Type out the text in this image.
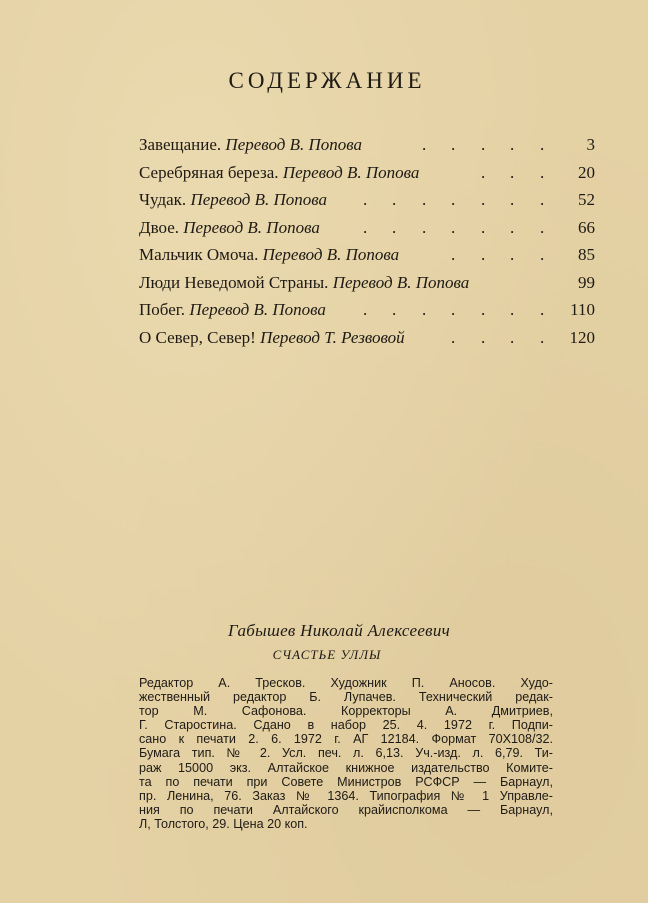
СОДЕРЖАНИЕ
Завещание. Перевод В. Попова	. . . . . 3
Серебряная береза. Перевод В. Попова	. . . 20
Чудак. Перевод В. Попова . . . . . . . 52
Двое. Перевод В. Попова	. . . . . . . 66
Мальчик Омоча. Перевод В. Попова	. . . . 85
Люди Неведомой Страны. Перевод В. Попова	99
Побег. Перевод В. Попова . . . . . . . 110
О Север, Север! Перевод Т. Резвовой	. . . . 120
Габышев Николай Алексеевич
СЧАСТЬЕ УЛЛЫ
Редактор А. Тресков. Художник П. Аносов. Худо-
жественный редактор Б. Лупачев. Технический редак-
тор М. Сафонова. Корректоры А. Дмитриев,
Г. Старостина. Сдано в набор 25. 4. 1972 г. Подпи-
сано к печати 2. 6. 1972 г. АГ 12184. Формат 70Х108/32.
Бумага тип. № 2. Усл. печ. л. 6,13. Уч.-изд. л. 6,79. Ти-
раж 15000 экз. Алтайское книжное издательство Комите-
та по печати при Совете Министров РСФСР — Барнаул,
пр. Ленина, 76. Заказ № 1364. Типография № 1 Управле-
ния по печати Алтайского крайисполкома — Барнаул,
Л, Толстого, 29. Цена 20 коп.
